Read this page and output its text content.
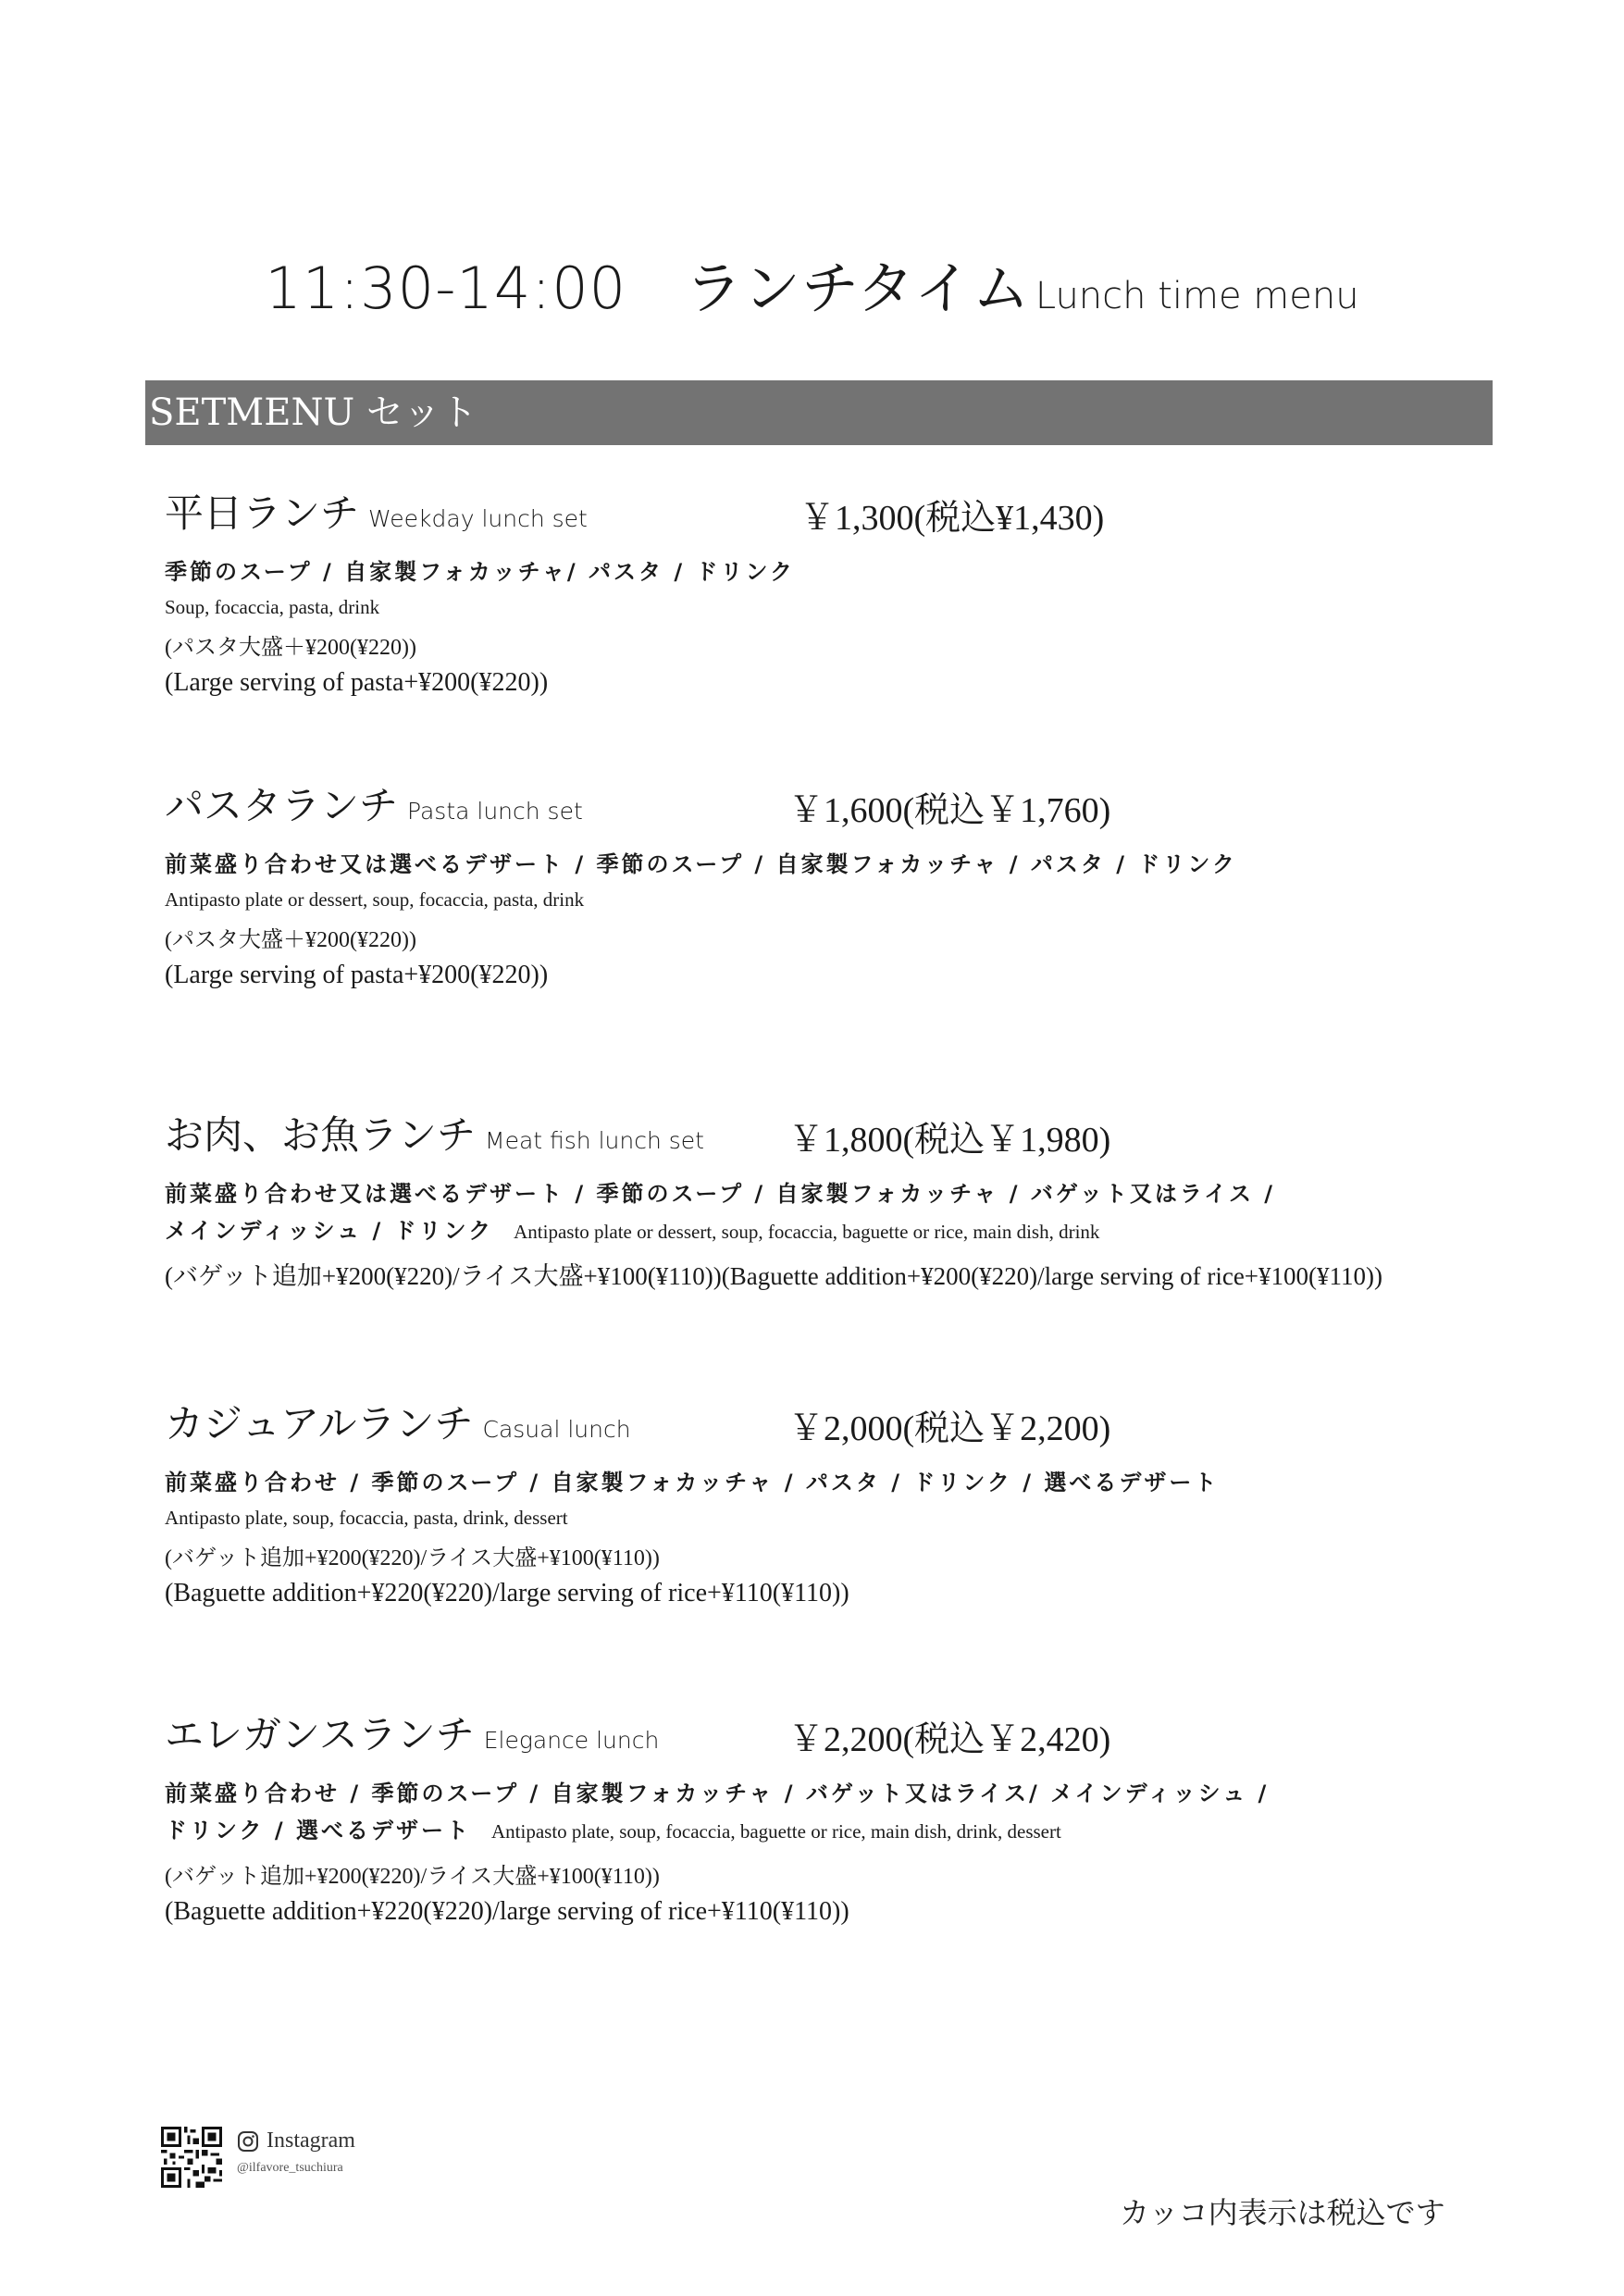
11:30-14:00　ランチタイム Lunch time menu
SETMENU セット
平日ランチ Weekday lunch set	￥1,300(税込¥1,430)
季節のスープ / 自家製フォカッチャ/ パスタ / ドリンク
Soup, focaccia, pasta, drink
(パスタ大盛＋¥200(¥220))
(Large serving of pasta+¥200(¥220))
パスタランチ Pasta lunch set	￥1,600(税込￥1,760)
前菜盛り合わせ又は選べるデザート / 季節のスープ / 自家製フォカッチャ / パスタ / ドリンク
Antipasto plate or dessert, soup, focaccia, pasta, drink
(パスタ大盛＋¥200(¥220))
(Large serving of pasta+¥200(¥220))
お肉、お魚ランチ Meat fish lunch set ￥1,800(税込￥1,980)
前菜盛り合わせ又は選べるデザート / 季節のスープ / 自家製フォカッチャ / バゲット又はライス /
メインディッシュ / ドリンク Antipasto plate or dessert, soup, focaccia, baguette or rice, main dish, drink
(バゲット追加+¥200(¥220)/ライス大盛+¥100(¥110))(Baguette addition+¥200(¥220)/large serving of rice+¥100(¥110))
カジュアルランチ Casual lunch	￥2,000(税込￥2,200)
前菜盛り合わせ / 季節のスープ / 自家製フォカッチャ / パスタ / ドリンク / 選べるデザート
Antipasto plate, soup, focaccia, pasta, drink, dessert
(バゲット追加+¥200(¥220)/ライス大盛+¥100(¥110))
(Baguette addition+¥220(¥220)/large serving of rice+¥110(¥110))
エレガンスランチ Elegance lunch	￥2,200(税込￥2,420)
前菜盛り合わせ / 季節のスープ / 自家製フォカッチャ / バゲット又はライス/ メインディッシュ /
ドリンク / 選べるデザート Antipasto plate, soup, focaccia, baguette or rice, main dish, drink, dessert
(バゲット追加+¥200(¥220)/ライス大盛+¥100(¥110))
(Baguette addition+¥220(¥220)/large serving of rice+¥110(¥110))
Instagram
@ilfavore_tsuchiura
カッコ内表示は税込です
